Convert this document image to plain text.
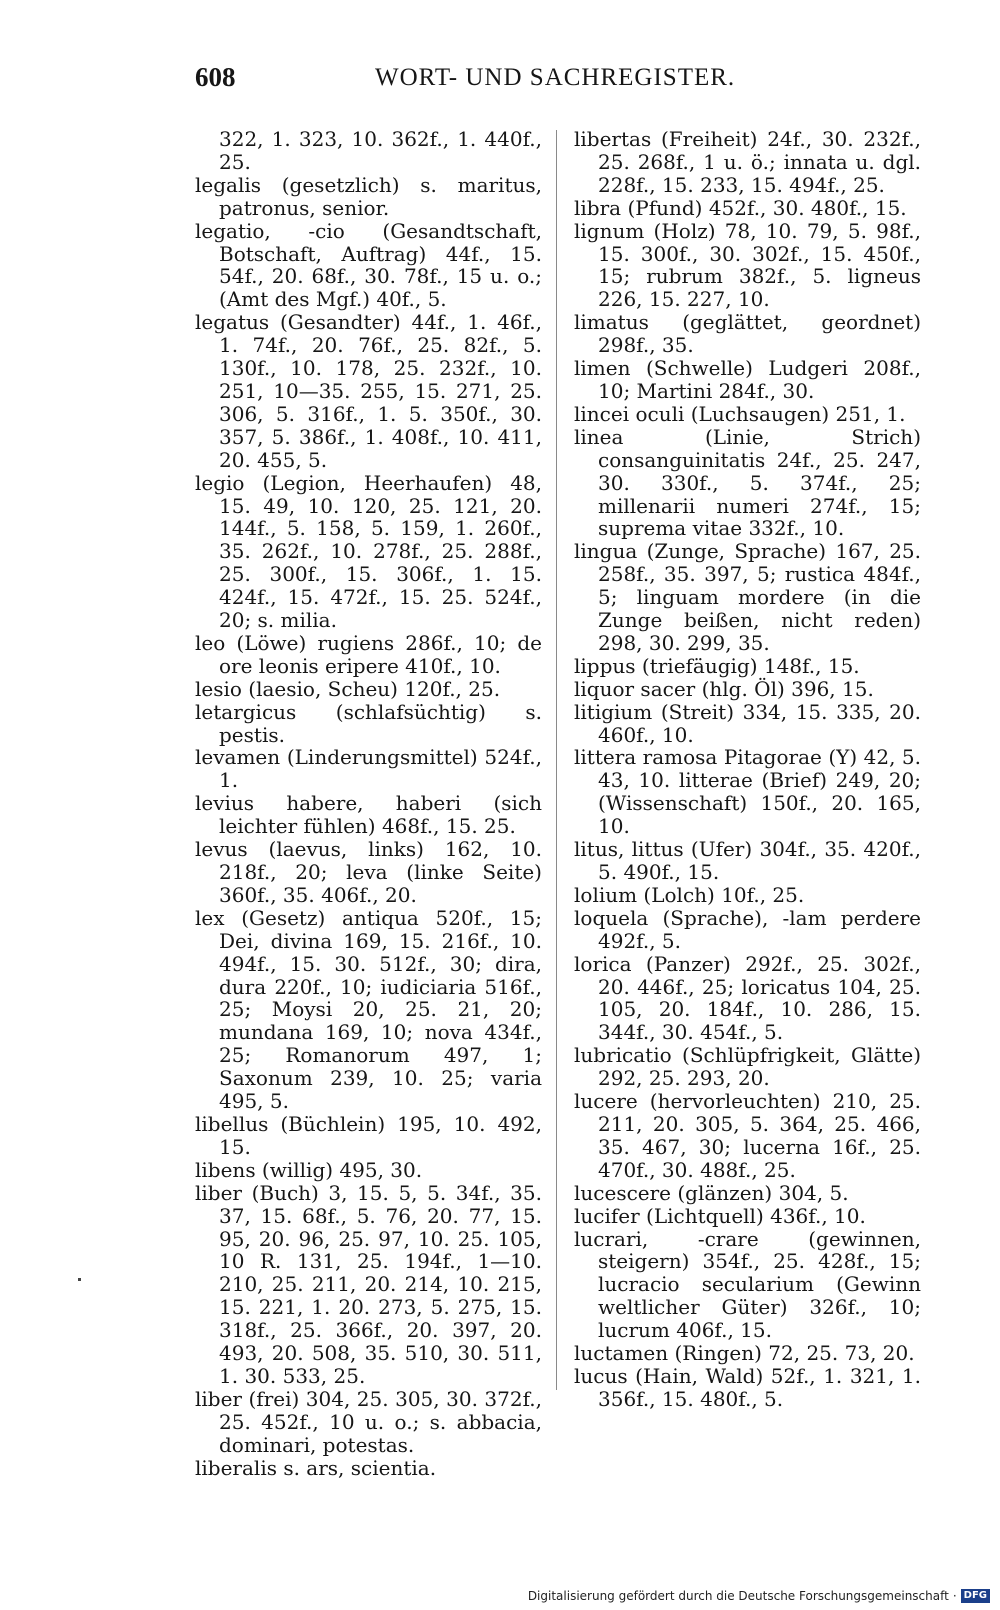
608	WORT- UND SACHREGISTER.

322, 1. 323, 10. 362f., 1. 440f., 25.

legalis (gesetzlich) s. maritus, patronus, senior.

legatio, -cio (Gesandtschaft, Botschaft, Auftrag) 44f., 15. 54f., 20. 68f., 30. 78f., 15 u. o.; (Amt des Mgf.) 40f., 5.

legatus (Gesandter) 44f., 1. 46f., 1. 74f., 20. 76f., 25. 82f., 5. 130f., 10. 178, 25. 232f., 10. 251, 10—35. 255, 15. 271, 25. 306, 5. 316f., 1. 5. 350f., 30. 357, 5. 386f., 1. 408f., 10. 411, 20. 455, 5.

legio (Legion, Heerhaufen) 48, 15. 49, 10. 120, 25. 121, 20. 144f., 5. 158, 5. 159, 1. 260f., 35. 262f., 10. 278f., 25. 288f., 25. 300f., 15. 306f., 1. 15. 424f., 15. 472f., 15. 25. 524f., 20; s. milia.

leo (Löwe) rugiens 286f., 10; de ore leonis eripere 410f., 10.

lesio (laesio, Scheu) 120f., 25.

letargicus (schlafsüchtig) s. pestis.

levamen (Linderungsmittel) 524f., 1.

levius habere, haberi (sich leichter fühlen) 468f., 15. 25.

levus (laevus, links) 162, 10. 218f., 20; leva (linke Seite) 360f., 35. 406f., 20.

lex (Gesetz) antiqua 520f., 15; Dei, divina 169, 15. 216f., 10. 494f., 15. 30. 512f., 30; dira, dura 220f., 10; iudiciaria 516f., 25; Moysi 20, 25. 21, 20; mundana 169, 10; nova 434f., 25; Romanorum 497, 1; Saxonum 239, 10. 25; varia 495, 5.

libellus (Büchlein) 195, 10. 492, 15.

libens (willig) 495, 30.

liber (Buch) 3, 15. 5, 5. 34f., 35. 37, 15. 68f., 5. 76, 20. 77, 15. 95, 20. 96, 25. 97, 10. 25. 105, 10 R. 131, 25. 194f., 1—10. 210, 25. 211, 20. 214, 10. 215, 15. 221, 1. 20. 273, 5. 275, 15. 318f., 25. 366f., 20. 397, 20. 493, 20. 508, 35. 510, 30. 511, 1. 30. 533, 25.

liber (frei) 304, 25. 305, 30. 372f., 25. 452f., 10 u. o.; s. abbacia, dominari, potestas.

liberalis s. ars, scientia.

libertas (Freiheit) 24f., 30. 232f., 25. 268f., 1 u. ö.; innata u. dgl. 228f., 15. 233, 15. 494f., 25.

libra (Pfund) 452f., 30. 480f., 15.

lignum (Holz) 78, 10. 79, 5. 98f., 15. 300f., 30. 302f., 15. 450f., 15; rubrum 382f., 5. ligneus 226, 15. 227, 10.

limatus (geglättet, geordnet) 298f., 35.

limen (Schwelle) Ludgeri 208f., 10; Martini 284f., 30.

lincei oculi (Luchsaugen) 251, 1.

linea (Linie, Strich) consanguinitatis 24f., 25. 247, 30. 330f., 5. 374f., 25; millenarii numeri 274f., 15; suprema vitae 332f., 10.

lingua (Zunge, Sprache) 167, 25. 258f., 35. 397, 5; rustica 484f., 5; linguam mordere (in die Zunge beißen, nicht reden) 298, 30. 299, 35.

lippus (triefäugig) 148f., 15.

liquor sacer (hlg. Öl) 396, 15.

litigium (Streit) 334, 15. 335, 20. 460f., 10.

littera ramosa Pitagorae (Y) 42, 5. 43, 10. litterae (Brief) 249, 20; (Wissenschaft) 150f., 20. 165, 10.

litus, littus (Ufer) 304f., 35. 420f., 5. 490f., 15.

lolium (Lolch) 10f., 25.

loquela (Sprache), -lam perdere 492f., 5.

lorica (Panzer) 292f., 25. 302f., 20. 446f., 25; loricatus 104, 25. 105, 20. 184f., 10. 286, 15. 344f., 30. 454f., 5.

lubricatio (Schlüpfrigkeit, Glätte) 292, 25. 293, 20.

lucere (hervorleuchten) 210, 25. 211, 20. 305, 5. 364, 25. 466, 35. 467, 30; lucerna 16f., 25. 470f., 30. 488f., 25.

lucescere (glänzen) 304, 5.

lucifer (Lichtquell) 436f., 10.

lucrari, -crare (gewinnen, steigern) 354f., 25. 428f., 15; lucracio secularium (Gewinn weltlicher Güter) 326f., 10; lucrum 406f., 15.

luctamen (Ringen) 72, 25. 73, 20.

lucus (Hain, Wald) 52f., 1. 321, 1. 356f., 15. 480f., 5.

Digitalisierung gefördert durch die Deutsche Forschungsgemeinschaft · DFG
